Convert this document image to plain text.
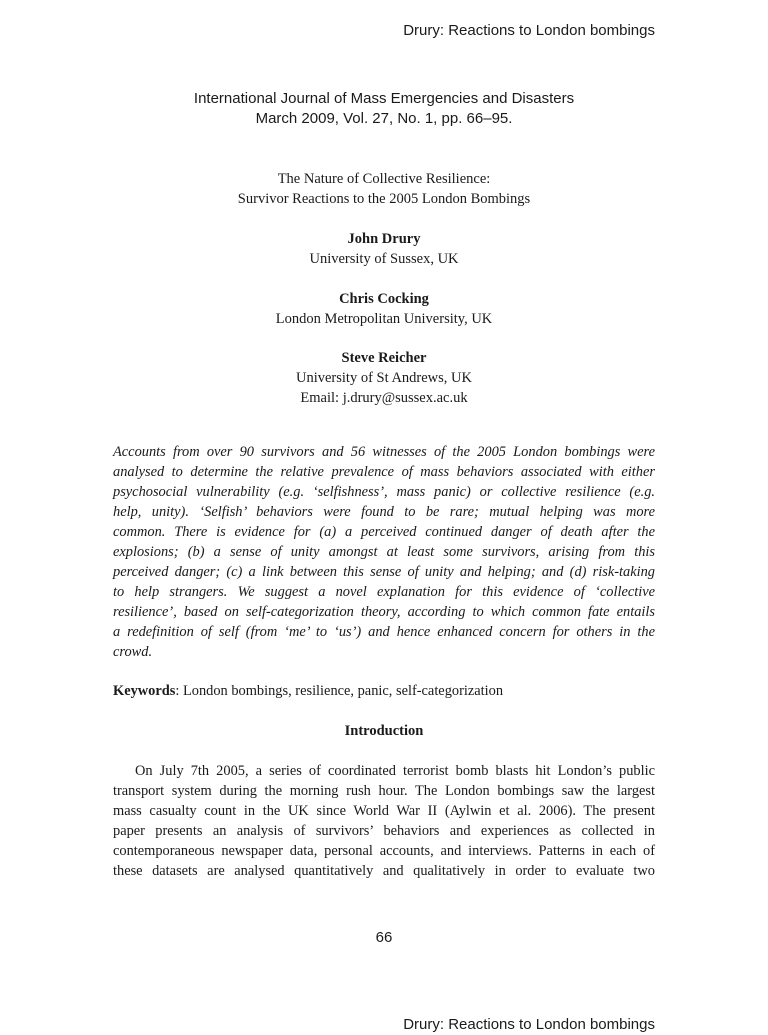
Drury: Reactions to London bombings
International Journal of Mass Emergencies and Disasters
March 2009, Vol. 27, No. 1, pp. 66–95.
The Nature of Collective Resilience:
Survivor Reactions to the 2005 London Bombings
John Drury
University of Sussex, UK
Chris Cocking
London Metropolitan University, UK
Steve Reicher
University of St Andrews, UK
Email: j.drury@sussex.ac.uk
Accounts from over 90 survivors and 56 witnesses of the 2005 London bombings were
analysed to determine the relative prevalence of mass behaviors associated with either
psychosocial vulnerability (e.g. ‘selfishness’, mass panic) or collective resilience (e.g.
help, unity). ‘Selfish’ behaviors were found to be rare; mutual helping was more
common. There is evidence for (a) a perceived continued danger of death after the
explosions; (b) a sense of unity amongst at least some survivors, arising from this
perceived danger; (c) a link between this sense of unity and helping; and (d) risk-taking
to help strangers. We suggest a novel explanation for this evidence of ‘collective
resilience’, based on self-categorization theory, according to which common fate entails
a redefinition of self (from ‘me’ to ‘us’) and hence enhanced concern for others in the
crowd.
Keywords: London bombings, resilience, panic, self-categorization
Introduction
On July 7th 2005, a series of coordinated terrorist bomb blasts hit London’s public
transport system during the morning rush hour. The London bombings saw the largest
mass casualty count in the UK since World War II (Aylwin et al. 2006). The present
paper presents an analysis of survivors’ behaviors and experiences as collected in
contemporaneous newspaper data, personal accounts, and interviews. Patterns in each of
these datasets are analysed quantitatively and qualitatively in order to evaluate two
66
Drury: Reactions to London bombings
